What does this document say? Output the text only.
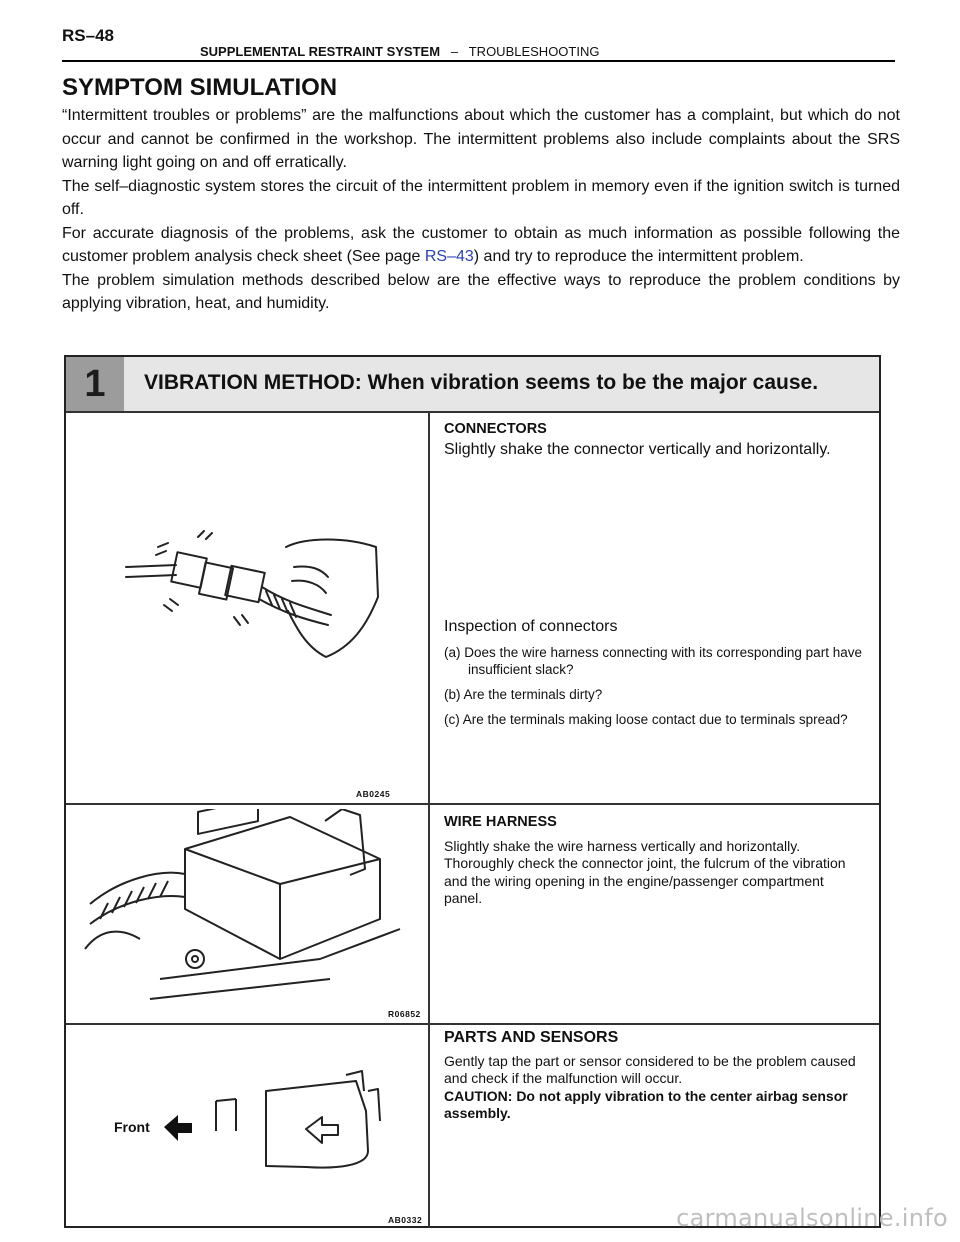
RS–48
SUPPLEMENTAL RESTRAINT SYSTEM – TROUBLESHOOTING
SYMPTOM SIMULATION

“Intermittent troubles or problems” are the malfunctions about which the customer has a complaint, but which do not occur and cannot be confirmed in the workshop. The intermittent problems also include complaints about the SRS warning light going on and off erratically.

The self–diagnostic system stores the circuit of the intermittent problem in memory even if the ignition switch is turned off.

For accurate diagnosis of the problems, ask the customer to obtain as much information as possible following the customer problem analysis check sheet (See page RS–43) and try to reproduce the intermittent problem.

The problem simulation methods described below are the effective ways to reproduce the problem conditions by applying vibration, heat, and humidity.

1	VIBRATION METHOD: When vibration seems to be the major cause.
AB0245
CONNECTORS
Slightly shake the connector vertically and horizontally.
Inspection of connectors
(a) Does the wire harness connecting with its corresponding part have insufficient slack?
(b) Are the terminals dirty?
(c) Are the terminals making loose contact due to terminals spread?
R06852
WIRE HARNESS
Slightly shake the wire harness vertically and horizontally. Thoroughly check the connector joint, the fulcrum of the vibration and the wiring opening in the engine/passenger compartment panel.
Front
AB0332
PARTS AND SENSORS
Gently tap the part or sensor considered to be the problem caused and check if the malfunction will occur.
CAUTION: Do not apply vibration to the center airbag sensor assembly.
carmanualsonline.info
